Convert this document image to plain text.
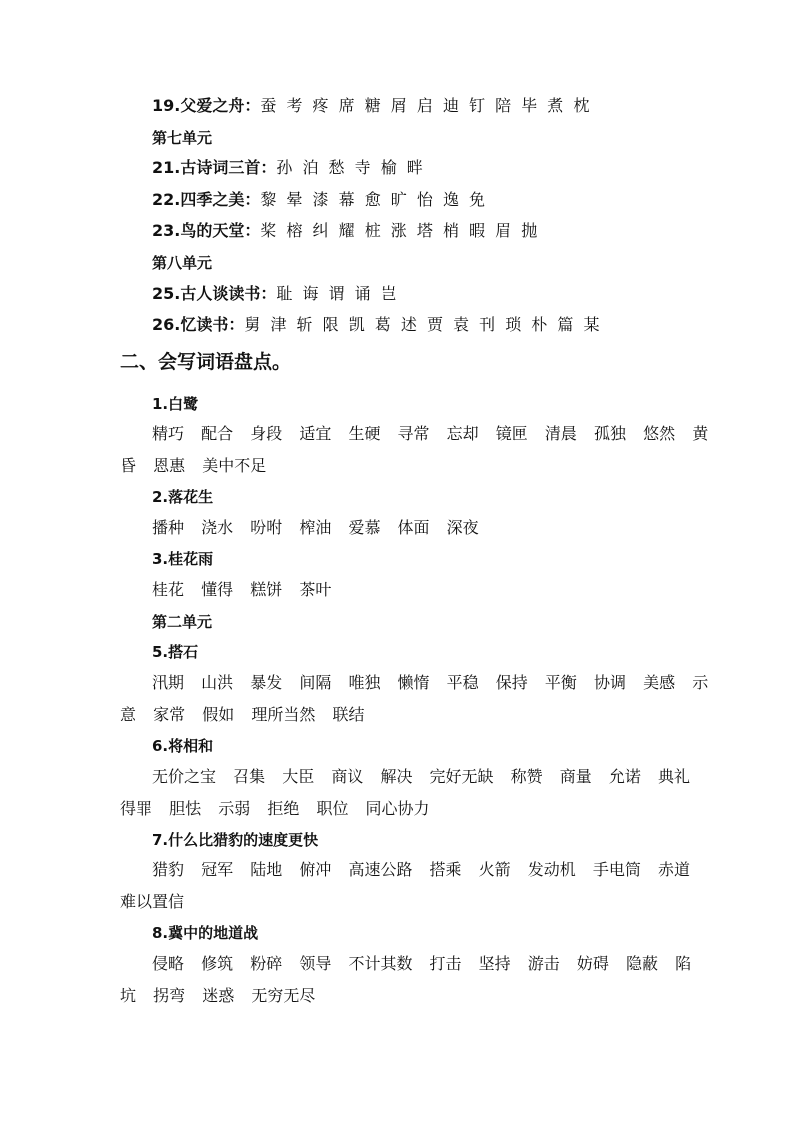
19.父爱之舟：蚕 考 疼 席 糖 屑 启 迪 钉 陪 毕 煮 枕
第七单元
21.古诗词三首：孙 泊 愁 寺 榆 畔
22.四季之美：黎 晕 漆 幕 愈 旷 怡 逸 免
23.鸟的天堂：桨 榕 纠 耀 桩 涨 塔 梢 暇 眉 抛
第八单元
25.古人谈读书：耻 诲 谓 诵 岂
26.忆读书：舅 津 斩 限 凯 葛 述 贾 袁 刊 琐 朴 篇 某
二、会写词语盘点。
1.白鹭
精巧 配合 身段 适宜 生硬 寻常 忘却 镜匣 清晨 孤独 悠然 黄昏 恩惠 美中不足
2.落花生
播种 浇水 吩咐 榨油 爱慕 体面 深夜
3.桂花雨
桂花 懂得 糕饼 茶叶
第二单元
5.搭石
汛期 山洪 暴发 间隔 唯独 懒惰 平稳 保持 平衡 协调 美感 示意 家常 假如 理所当然 联结
6.将相和
无价之宝 召集 大臣 商议 解决 完好无缺 称赞 商量 允诺 典礼 得罪 胆怯 示弱 拒绝 职位 同心协力
7.什么比猎豹的速度更快
猎豹 冠军 陆地 俯冲 高速公路 搭乘 火箭 发动机 手电筒 赤道 难以置信
8.冀中的地道战
侵略 修筑 粉碎 领导 不计其数 打击 坚持 游击 妨碍 隐蔽 陷坑 拐弯 迷惑 无穷无尽
